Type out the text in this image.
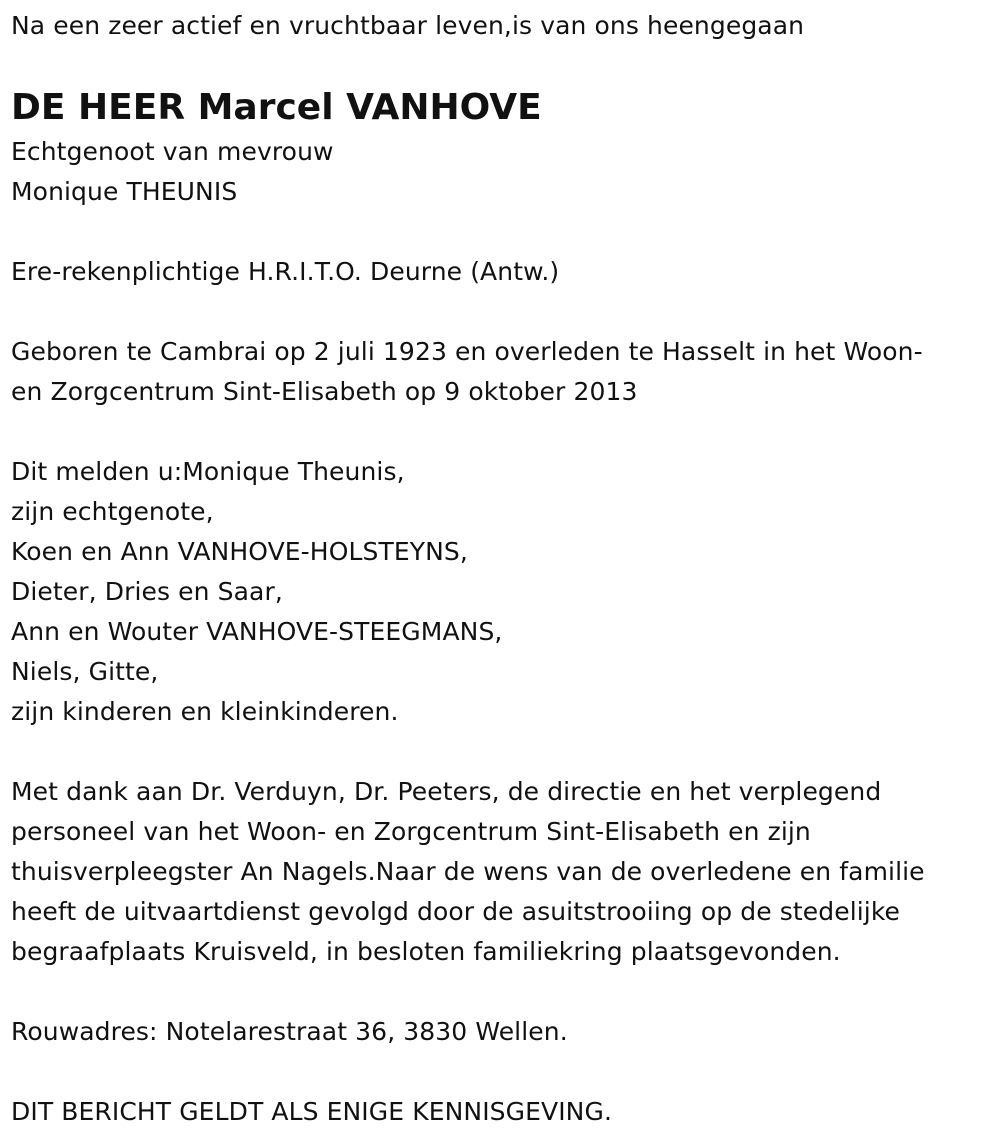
Na een zeer actief en vruchtbaar leven,is van ons heengegaan
DE HEER Marcel VANHOVE
Echtgenoot van mevrouw
Monique THEUNIS
Ere-rekenplichtige H.R.I.T.O. Deurne (Antw.)
Geboren te Cambrai op 2 juli 1923 en overleden te Hasselt in het Woon-
en Zorgcentrum Sint-Elisabeth op 9 oktober 2013
Dit melden u:Monique Theunis,
zijn echtgenote,
Koen en Ann VANHOVE-HOLSTEYNS,
Dieter, Dries en Saar,
Ann en Wouter VANHOVE-STEEGMANS,
Niels, Gitte,
zijn kinderen en kleinkinderen.
Met dank aan Dr. Verduyn, Dr. Peeters, de directie en het verplegend
personeel van het Woon- en Zorgcentrum Sint-Elisabeth en zijn
thuisverpleegster An Nagels.Naar de wens van de overledene en familie
heeft de uitvaartdienst gevolgd door de asuitstrooiing op de stedelijke
begraafplaats Kruisveld, in besloten familiekring plaatsgevonden.
Rouwadres: Notelarestraat 36, 3830 Wellen.
DIT BERICHT GELDT ALS ENIGE KENNISGEVING.
